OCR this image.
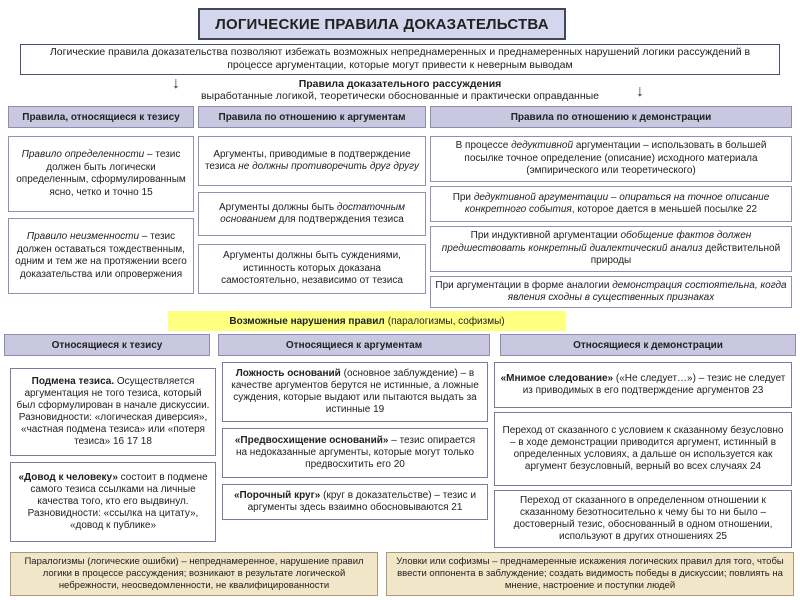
ЛОГИЧЕСКИЕ ПРАВИЛА ДОКАЗАТЕЛЬСТВА
Логические правила доказательства позволяют избежать возможных непреднамеренных и преднамеренных нарушений логики рассуждений в процессе аргументации, которые могут привести к неверным выводам
↓	↓
Правила доказательного рассуждения
выработанные логикой, теоретически обоснованные и практически оправданные
Правила, относящиеся к тезису	Правила по отношению к аргументам	Правила по отношению к демонстрации
Правило определенности – тезис должен быть логически определенным, сформулированным ясно, четко и точно 15
Правило неизменности – тезис должен оставаться тождественным, одним и тем же на протяжении всего доказательства или опровержения
Аргументы, приводимые в подтверждение тезиса не должны противоречить друг другу
Аргументы должны быть достаточным основанием для подтверждения тезиса
Аргументы должны быть суждениями, истинность которых доказана самостоятельно, независимо от тезиса
В процессе дедуктивной аргументации – использовать в большей посылке точное определение (описание) исходного материала (эмпирического или теоретического)
При дедуктивной аргументации – опираться на точное описание конкретного события, которое дается в меньшей посылке 22
При индуктивной аргументации обобщение фактов должен предшествовать конкретный диалектический анализ действительной природы
При аргументации в форме аналогии демонстрация состоятельна, когда явления сходны в существенных признаках
Возможные нарушения правил (паралогизмы, софизмы)
Относящиеся к тезису	Относящиеся к аргументам	Относящиеся к демонстрации
Подмена тезиса. Осуществляется аргументация не того тезиса, который был сформулирован в начале дискуссии. Разновидности: «логическая диверсия», «частная подмена тезиса» или «потеря тезиса» 16 17 18
«Довод к человеку» состоит в подмене самого тезиса ссылками на личные качества того, кто его выдвинул. Разновидности: «ссылка на цитату», «довод к публике»
Ложность оснований (основное заблуждение) – в качестве аргументов берутся не истинные, а ложные суждения, которые выдают или пытаются выдать за истинные 19
«Предвосхищение оснований» – тезис опирается на недоказанные аргументы, которые могут только предвосхитить его 20
«Порочный круг» (круг в доказательстве) – тезис и аргументы здесь взаимно обосновываются 21
«Мнимое следование» («Не следует…») – тезис не следует из приводимых в его подтверждение аргументов 23
Переход от сказанного с условием к сказанному безусловно – в ходе демонстрации приводится аргумент, истинный в определенных условиях, а дальше он используется как аргумент безусловный, верный во всех случаях 24
Переход от сказанного в определенном отношении к сказанному безотносительно к чему бы то ни было – достоверный тезис, обоснованный в одном отношении, используют в других отношениях 25
Паралогизмы (логические ошибки) – непреднамеренное, нарушение правил логики в процессе рассуждения; возникают в результате логической небрежности, неосведомленности, не квалифицированности
Уловки или софизмы – преднамеренные искажения логических правил для того, чтобы ввести оппонента в заблуждение; создать видимость победы в дискуссии; повлиять на мнение, настроение и поступки людей
